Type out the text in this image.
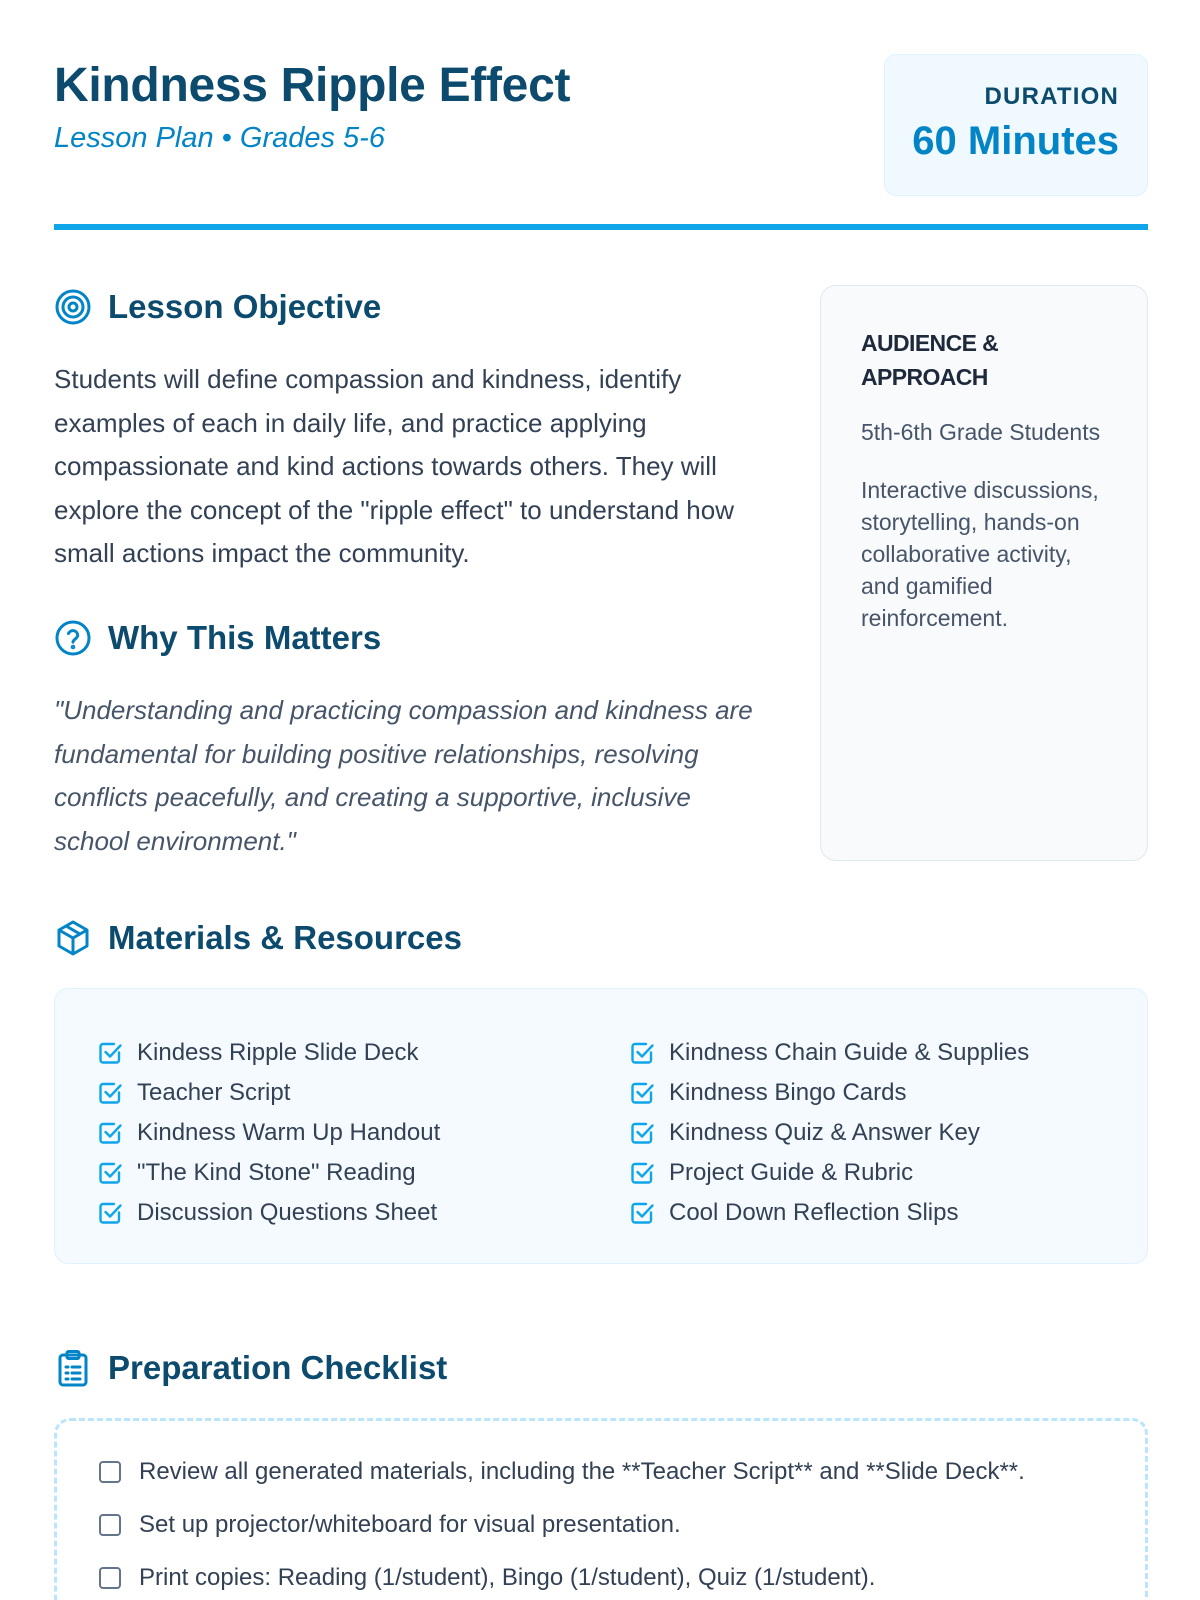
Kindness Ripple Effect
Lesson Plan • Grades 5-6
DURATION
60 Minutes
Lesson Objective
Students will define compassion and kindness, identify examples of each in daily life, and practice applying compassionate and kind actions towards others. They will explore the concept of the "ripple effect" to understand how small actions impact the community.
Why This Matters
"Understanding and practicing compassion and kindness are fundamental for building positive relationships, resolving conflicts peacefully, and creating a supportive, inclusive school environment."
AUDIENCE & APPROACH
5th-6th Grade Students
Interactive discussions, storytelling, hands-on collaborative activity, and gamified reinforcement.
Materials & Resources
Kindess Ripple Slide Deck
Teacher Script
Kindness Warm Up Handout
"The Kind Stone" Reading
Discussion Questions Sheet
Kindness Chain Guide & Supplies
Kindness Bingo Cards
Kindness Quiz & Answer Key
Project Guide & Rubric
Cool Down Reflection Slips
Preparation Checklist
Review all generated materials, including the **Teacher Script** and **Slide Deck**.
Set up projector/whiteboard for visual presentation.
Print copies: Reading (1/student), Bingo (1/student), Quiz (1/student).
